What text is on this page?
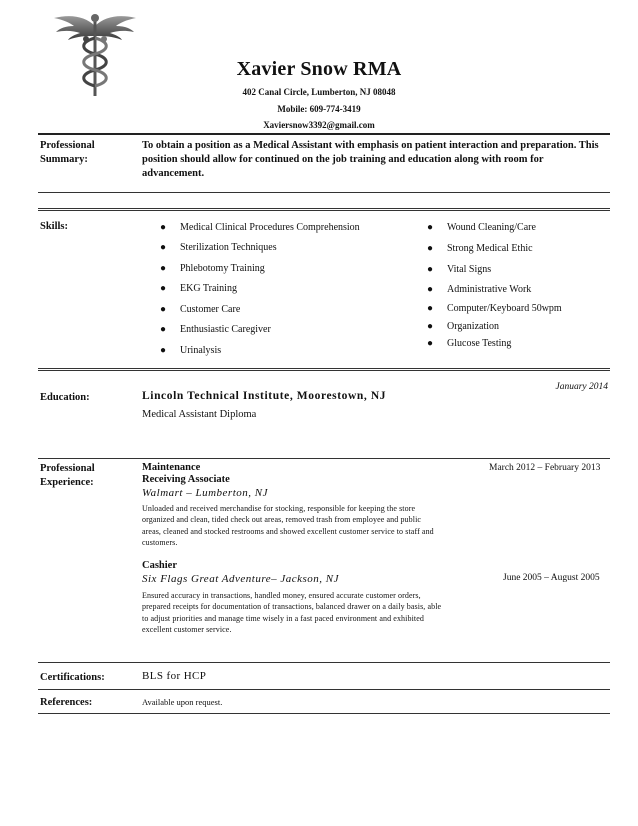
Xavier Snow RMA
402 Canal Circle, Lumberton, NJ 08048
Mobile: 609-774-3419
Xaviersnow3392@gmail.com
Professional
Summary:
To obtain a position as a Medical Assistant with emphasis on patient interaction and preparation. This position should allow for continued on the job training and education along with room for advancement.
Skills:	●	Medical Clinical Procedures Comprehension
●	Sterilization Techniques
●	Phlebotomy Training
●	EKG Training
●	Customer Care
●	Enthusiastic Caregiver
●	Urinalysis
●	Wound Cleaning/Care
●	Strong Medical Ethic
●	Vital Signs
●	Administrative Work
●	Computer/Keyboard 50wpm
●	Organization
●	Glucose Testing
Education:	Lincoln Technical Institute, Moorestown, NJ
Medical Assistant Diploma
January 2014
Professional
Experience:
Maintenance
Receiving Associate
Walmart – Lumberton, NJ
March 2012 – February 2013
Unloaded and received merchandise for stocking, responsible for keeping the store organized and clean, tided check out areas, removed trash from employee and public areas, cleaned and stocked restrooms and showed excellent customer service to staff and customers.
Cashier
Six Flags Great Adventure– Jackson, NJ	June 2005 – August 2005
Ensured accuracy in transactions, handled money, ensured accurate customer orders, prepared receipts for documentation of transactions, balanced drawer on a daily basis, able to adjust priorities and manage time wisely in a fast paced environment and exhibited excellent customer service.
Certifications:	BLS for HCP
References:	Available upon request.
